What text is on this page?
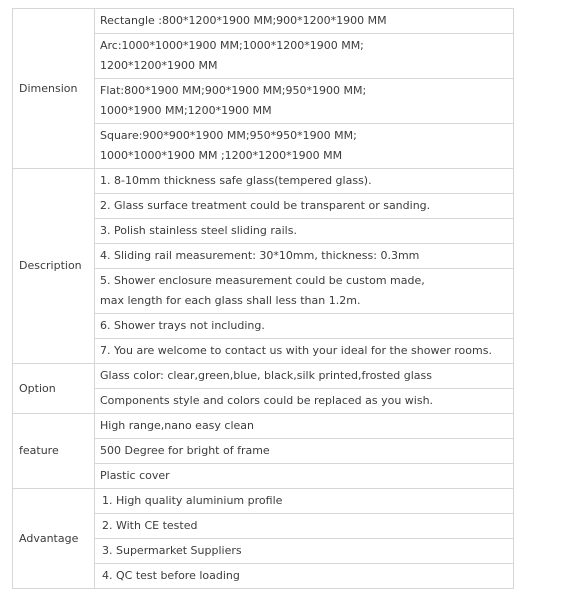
Dimension	Rectangle :800*1200*1900 MM;900*1200*1900 MM

	Arc:1000*1000*1900 MM;1000*1200*1900 MM;
1200*1200*1900 MM

	Flat:800*1900 MM;900*1900 MM;950*1900 MM;
1000*1900 MM;1200*1900 MM

	Square:900*900*1900 MM;950*950*1900 MM;
1000*1000*1900 MM ;1200*1200*1900 MM

Description	1. 8-10mm thickness safe glass(tempered glass).

	2. Glass surface treatment could be transparent or sanding.

	3. Polish stainless steel sliding rails.

	4. Sliding rail measurement: 30*10mm, thickness: 0.3mm

	5. Shower enclosure measurement could be custom made,
max length for each glass shall less than 1.2m.

	6. Shower trays not including.

	7. You are welcome to contact us with your ideal for the shower rooms.

Option	Glass color: clear,green,blue, black,silk printed,frosted glass

	Components style and colors could be replaced as you wish.

feature	High range,nano easy clean

	500 Degree for bright of frame

	Plastic cover

Advantage	1. High quality aluminium profile

	2. With CE tested

	3. Supermarket Suppliers

	4. QC test before loading
